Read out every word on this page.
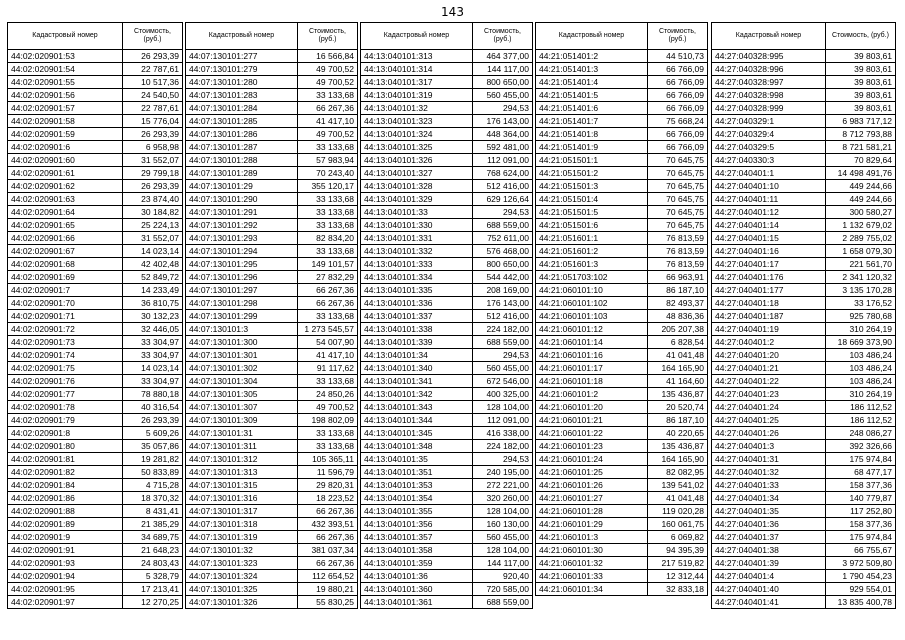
143
Кадастровый номер	Стоимость, (руб.)
44:02:020901:53	26 293,39
44:02:020901:54	22 787,61
44:02:020901:55	10 517,36
44:02:020901:56	24 540,50
44:02:020901:57	22 787,61
44:02:020901:58	15 776,04
44:02:020901:59	26 293,39
44:02:020901:6	6 958,98
44:02:020901:60	31 552,07
44:02:020901:61	29 799,18
44:02:020901:62	26 293,39
44:02:020901:63	23 874,40
44:02:020901:64	30 184,82
44:02:020901:65	25 224,13
44:02:020901:66	31 552,07
44:02:020901:67	14 023,14
44:02:020901:68	42 402,48
44:02:020901:69	52 849,72
44:02:020901:7	14 233,49
44:02:020901:70	36 810,75
44:02:020901:71	30 132,23
44:02:020901:72	32 446,05
44:02:020901:73	33 304,97
44:02:020901:74	33 304,97
44:02:020901:75	14 023,14
44:02:020901:76	33 304,97
44:02:020901:77	78 880,18
44:02:020901:78	40 316,54
44:02:020901:79	26 293,39
44:02:020901:8	5 609,26
44:02:020901:80	35 057,86
44:02:020901:81	19 281,82
44:02:020901:82	50 833,89
44:02:020901:84	4 715,28
44:02:020901:86	18 370,32
44:02:020901:88	8 431,41
44:02:020901:89	21 385,29
44:02:020901:9	34 689,75
44:02:020901:91	21 648,23
44:02:020901:93	24 803,43
44:02:020901:94	5 328,79
44:02:020901:95	17 213,41
44:02:020901:97	12 270,25
Кадастровый номер	Стоимость, (руб.)
44:07:130101:277	16 566,84
44:07:130101:279	49 700,52
44:07:130101:280	49 700,52
44:07:130101:283	33 133,68
44:07:130101:284	66 267,36
44:07:130101:285	41 417,10
44:07:130101:286	49 700,52
44:07:130101:287	33 133,68
44:07:130101:288	57 983,94
44:07:130101:289	70 243,40
44:07:130101:29	355 120,17
44:07:130101:290	33 133,68
44:07:130101:291	33 133,68
44:07:130101:292	33 133,68
44:07:130101:293	82 834,20
44:07:130101:294	33 133,68
44:07:130101:295	149 101,57
44:07:130101:296	27 832,29
44:07:130101:297	66 267,36
44:07:130101:298	66 267,36
44:07:130101:299	33 133,68
44:07:130101:3	1 273 545,57
44:07:130101:300	54 007,90
44:07:130101:301	41 417,10
44:07:130101:302	91 117,62
44:07:130101:304	33 133,68
44:07:130101:305	24 850,26
44:07:130101:307	49 700,52
44:07:130101:309	198 802,09
44:07:130101:31	33 133,68
44:07:130101:311	33 133,68
44:07:130101:312	105 365,11
44:07:130101:313	11 596,79
44:07:130101:315	29 820,31
44:07:130101:316	18 223,52
44:07:130101:317	66 267,36
44:07:130101:318	432 393,51
44:07:130101:319	66 267,36
44:07:130101:32	381 037,34
44:07:130101:323	66 267,36
44:07:130101:324	112 654,52
44:07:130101:325	19 880,21
44:07:130101:326	55 830,25
Кадастровый номер	Стоимость, (руб.)
44:13:040101:313	464 377,00
44:13:040101:314	144 117,00
44:13:040101:317	800 650,00
44:13:040101:319	560 455,00
44:13:040101:32	294,53
44:13:040101:323	176 143,00
44:13:040101:324	448 364,00
44:13:040101:325	592 481,00
44:13:040101:326	112 091,00
44:13:040101:327	768 624,00
44:13:040101:328	512 416,00
44:13:040101:329	629 126,64
44:13:040101:33	294,53
44:13:040101:330	688 559,00
44:13:040101:331	752 611,00
44:13:040101:332	576 468,00
44:13:040101:333	800 650,00
44:13:040101:334	544 442,00
44:13:040101:335	208 169,00
44:13:040101:336	176 143,00
44:13:040101:337	512 416,00
44:13:040101:338	224 182,00
44:13:040101:339	688 559,00
44:13:040101:34	294,53
44:13:040101:340	560 455,00
44:13:040101:341	672 546,00
44:13:040101:342	400 325,00
44:13:040101:343	128 104,00
44:13:040101:344	112 091,00
44:13:040101:345	416 338,00
44:13:040101:348	224 182,00
44:13:040101:35	294,53
44:13:040101:351	240 195,00
44:13:040101:353	272 221,00
44:13:040101:354	320 260,00
44:13:040101:355	128 104,00
44:13:040101:356	160 130,00
44:13:040101:357	560 455,00
44:13:040101:358	128 104,00
44:13:040101:359	144 117,00
44:13:040101:36	920,40
44:13:040101:360	720 585,00
44:13:040101:361	688 559,00
Кадастровый номер	Стоимость, (руб.)
44:21:051401:2	44 510,73
44:21:051401:3	66 766,09
44:21:051401:4	66 766,09
44:21:051401:5	66 766,09
44:21:051401:6	66 766,09
44:21:051401:7	75 668,24
44:21:051401:8	66 766,09
44:21:051401:9	66 766,09
44:21:051501:1	70 645,75
44:21:051501:2	70 645,75
44:21:051501:3	70 645,75
44:21:051501:4	70 645,75
44:21:051501:5	70 645,75
44:21:051501:6	70 645,75
44:21:051601:1	76 813,59
44:21:051601:2	76 813,59
44:21:051601:3	76 813,59
44:21:051703:102	66 963,91
44:21:060101:10	86 187,10
44:21:060101:102	82 493,37
44:21:060101:103	48 836,36
44:21:060101:12	205 207,38
44:21:060101:14	6 828,54
44:21:060101:16	41 041,48
44:21:060101:17	164 165,90
44:21:060101:18	41 164,60
44:21:060101:2	135 436,87
44:21:060101:20	20 520,74
44:21:060101:21	86 187,10
44:21:060101:22	40 220,65
44:21:060101:23	135 436,87
44:21:060101:24	164 165,90
44:21:060101:25	82 082,95
44:21:060101:26	139 541,02
44:21:060101:27	41 041,48
44:21:060101:28	119 020,28
44:21:060101:29	160 061,75
44:21:060101:3	6 069,82
44:21:060101:30	94 395,39
44:21:060101:32	217 519,82
44:21:060101:33	12 312,44
44:21:060101:34	32 833,18
Кадастровый номер	Стоимость, (руб.)
44:27:040328:995	39 803,61
44:27:040328:996	39 803,61
44:27:040328:997	39 803,61
44:27:040328:998	39 803,61
44:27:040328:999	39 803,61
44:27:040329:1	6 983 717,12
44:27:040329:4	8 712 793,88
44:27:040329:5	8 721 581,21
44:27:040330:3	70 829,64
44:27:040401:1	14 498 491,76
44:27:040401:10	449 244,66
44:27:040401:11	449 244,66
44:27:040401:12	300 580,27
44:27:040401:14	1 132 679,02
44:27:040401:15	2 289 755,02
44:27:040401:16	1 658 079,30
44:27:040401:17	221 561,70
44:27:040401:176	2 341 120,32
44:27:040401:177	3 135 170,28
44:27:040401:18	33 176,52
44:27:040401:187	925 780,68
44:27:040401:19	310 264,19
44:27:040401:2	18 669 373,90
44:27:040401:20	103 486,24
44:27:040401:21	103 486,24
44:27:040401:22	103 486,24
44:27:040401:23	310 264,19
44:27:040401:24	186 112,52
44:27:040401:25	186 112,52
44:27:040401:26	248 086,27
44:27:040401:3	392 326,66
44:27:040401:31	175 974,84
44:27:040401:32	68 477,17
44:27:040401:33	158 377,36
44:27:040401:34	140 779,87
44:27:040401:35	117 252,80
44:27:040401:36	158 377,36
44:27:040401:37	175 974,84
44:27:040401:38	66 755,67
44:27:040401:39	3 972 509,80
44:27:040401:4	1 790 454,23
44:27:040401:40	929 554,01
44:27:040401:41	13 835 400,78
